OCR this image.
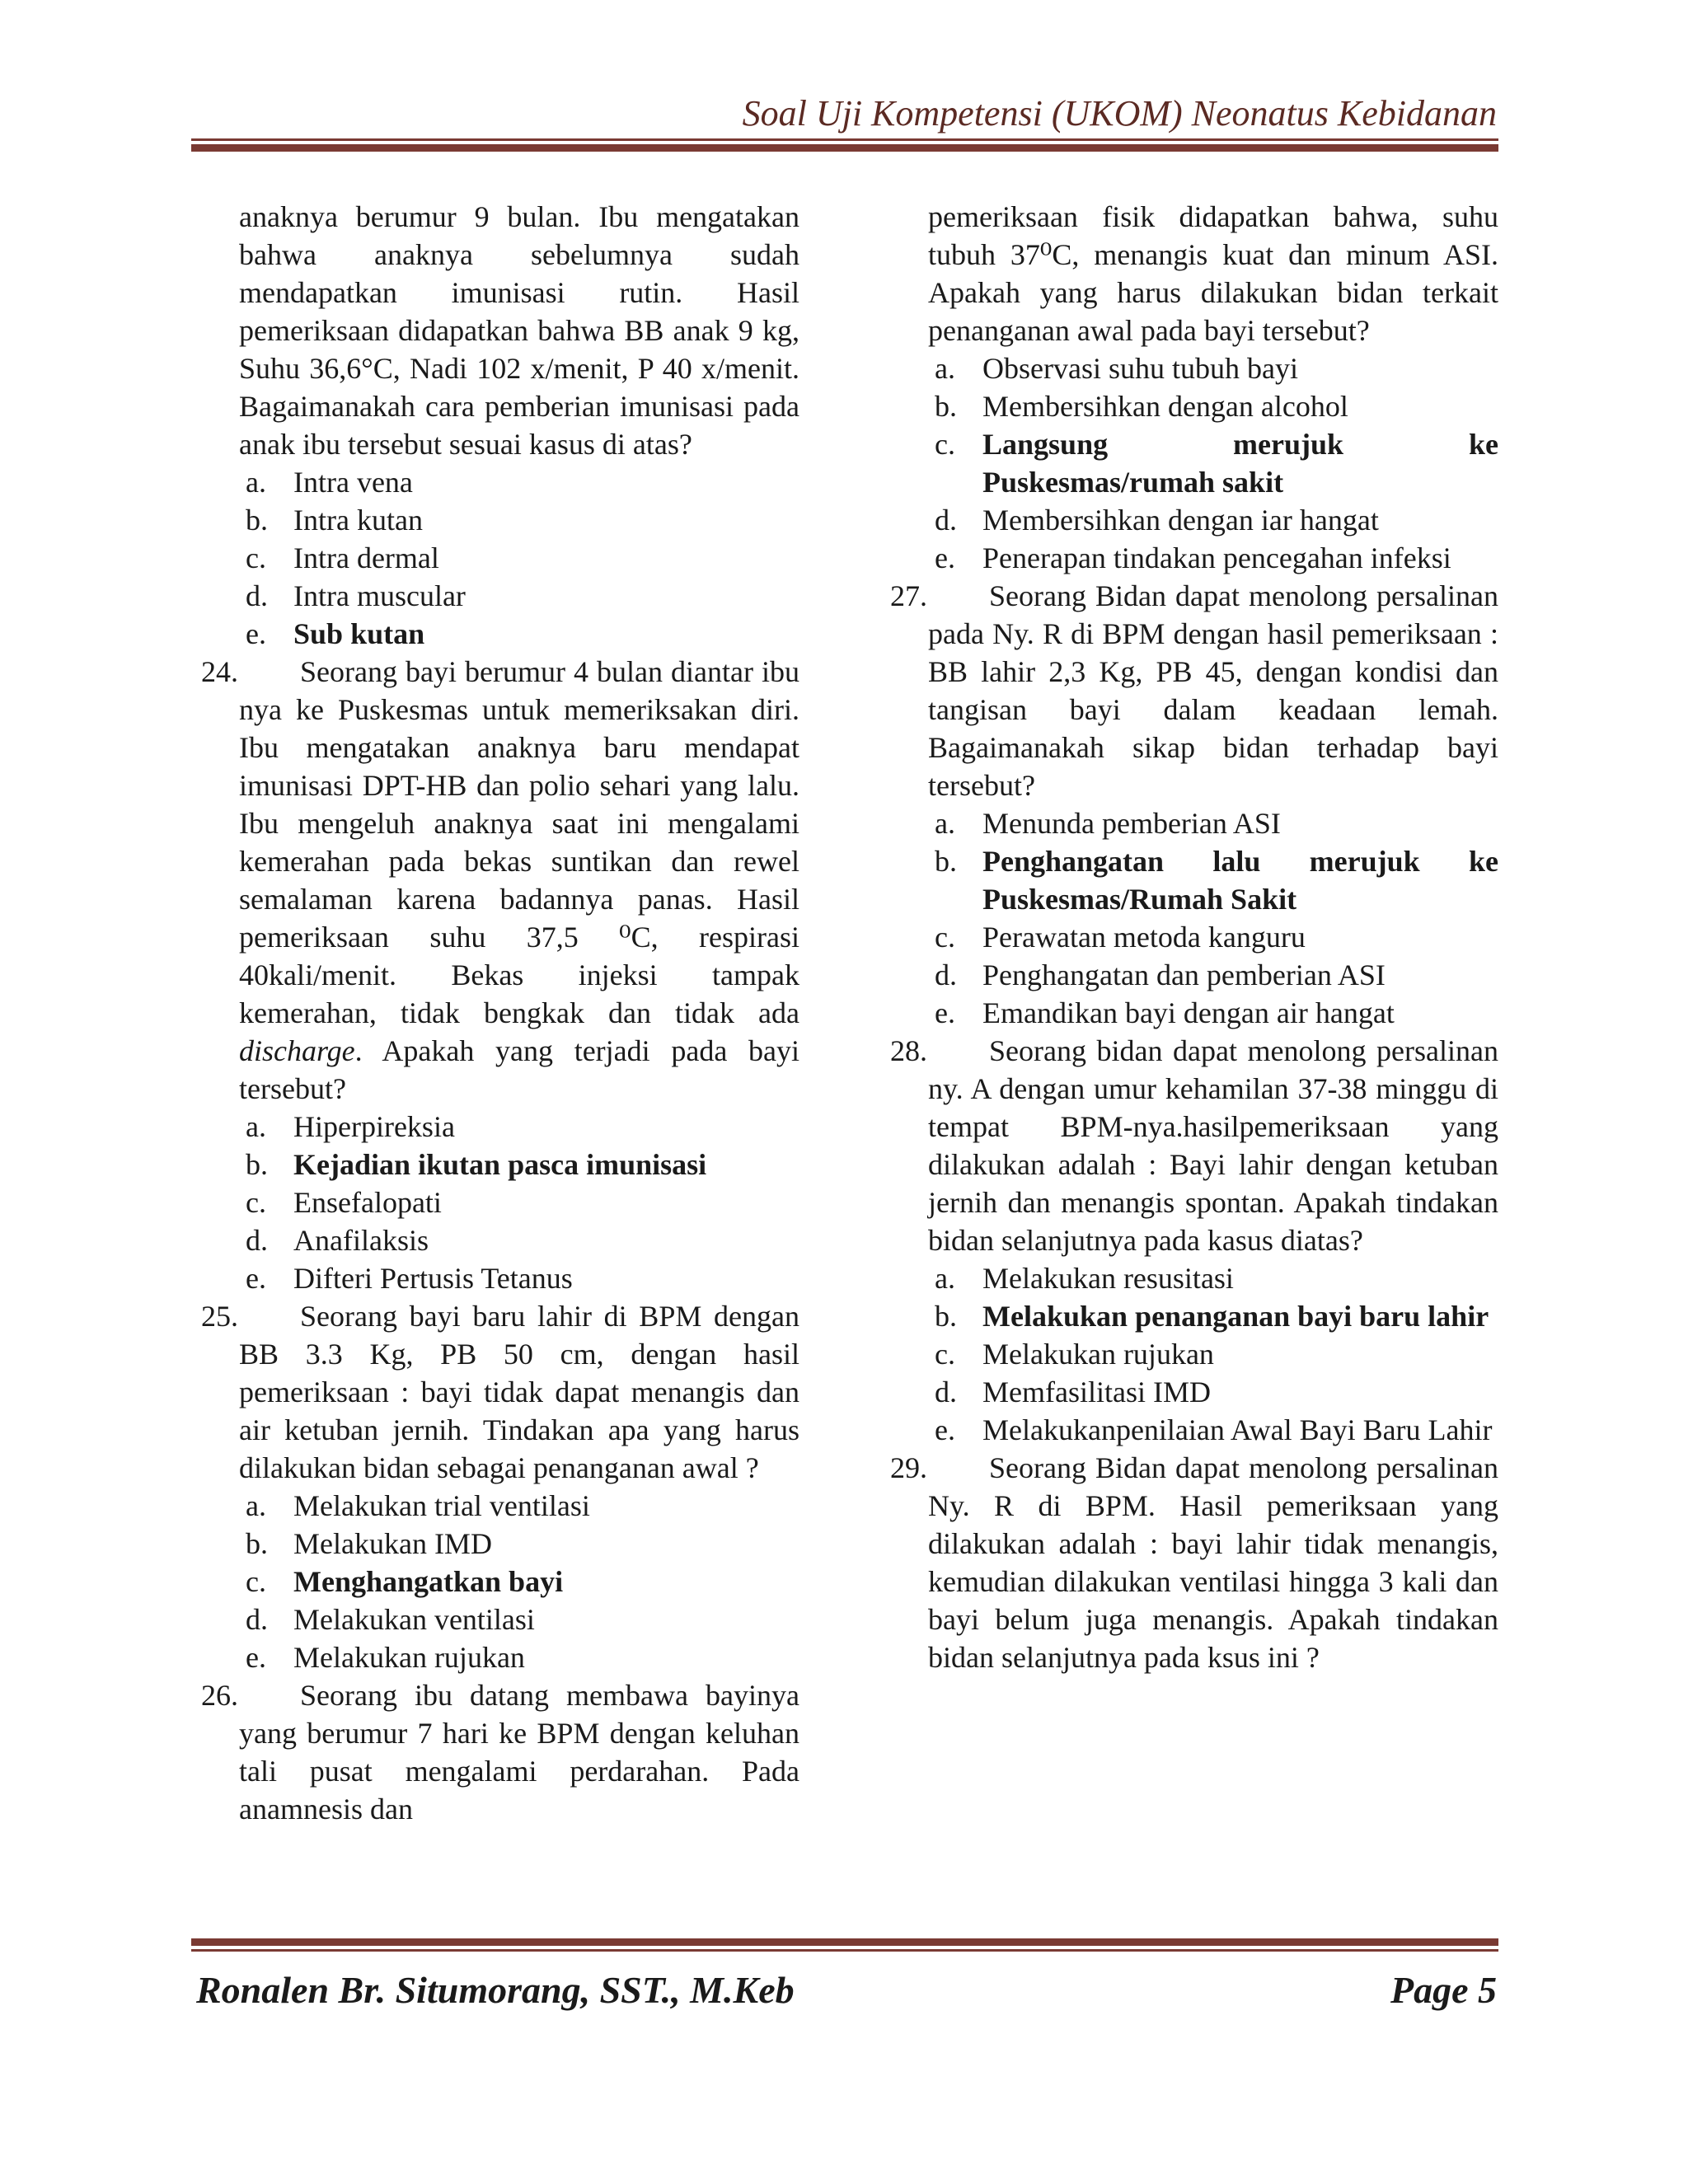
Soal Uji Kompetensi (UKOM) Neonatus Kebidanan
anaknya berumur 9 bulan. Ibu mengatakan bahwa anaknya sebelumnya sudah mendapatkan imunisasi rutin. Hasil pemeriksaan didapatkan bahwa BB anak 9 kg, Suhu 36,6°C, Nadi 102 x/menit, P 40 x/menit. Bagaimanakah cara pemberian imunisasi pada anak ibu tersebut sesuai kasus di atas?
a. Intra vena
b. Intra kutan
c. Intra dermal
d. Intra muscular
e. Sub kutan
24.	Seorang bayi berumur 4 bulan diantar ibu nya ke Puskesmas untuk memeriksakan diri. Ibu mengatakan anaknya baru mendapat imunisasi DPT-HB dan polio sehari yang lalu. Ibu mengeluh anaknya saat ini mengalami kemerahan pada bekas suntikan dan rewel semalaman karena badannya panas. Hasil pemeriksaan suhu 37,5 ⁰C, respirasi 40kali/menit. Bekas injeksi tampak kemerahan, tidak bengkak dan tidak ada discharge. Apakah yang terjadi pada bayi tersebut?
a. Hiperpireksia
b. Kejadian ikutan pasca imunisasi
c. Ensefalopati
d. Anafilaksis
e. Difteri Pertusis Tetanus
25.	Seorang bayi baru lahir di BPM dengan BB 3.3 Kg, PB 50 cm, dengan hasil pemeriksaan : bayi tidak dapat menangis dan air ketuban jernih. Tindakan apa yang harus dilakukan bidan sebagai penanganan awal ?
a. Melakukan trial ventilasi
b. Melakukan IMD
c. Menghangatkan bayi
d. Melakukan ventilasi
e. Melakukan rujukan
26.	Seorang ibu datang membawa bayinya yang berumur 7 hari ke BPM dengan keluhan tali pusat mengalami perdarahan. Pada anamnesis dan
pemeriksaan fisik didapatkan bahwa, suhu tubuh 37⁰C, menangis kuat dan minum ASI. Apakah yang harus dilakukan bidan terkait penanganan awal pada bayi tersebut?
a. Observasi suhu tubuh bayi
b. Membersihkan dengan alcohol
c. Langsung merujuk ke Puskesmas/rumah sakit
d. Membersihkan dengan iar hangat
e. Penerapan tindakan pencegahan infeksi
27.	Seorang Bidan dapat menolong persalinan pada Ny. R di BPM dengan hasil pemeriksaan : BB lahir 2,3 Kg, PB 45, dengan kondisi dan tangisan bayi dalam keadaan lemah. Bagaimanakah sikap bidan terhadap bayi tersebut?
a. Menunda pemberian ASI
b. Penghangatan lalu merujuk ke Puskesmas/Rumah Sakit
c. Perawatan metoda kanguru
d. Penghangatan dan pemberian ASI
e. Emandikan bayi dengan air hangat
28.	Seorang bidan dapat menolong persalinan ny. A dengan umur kehamilan 37-38 minggu di tempat BPM-nya.hasilpemeriksaan yang dilakukan adalah : Bayi lahir dengan ketuban jernih dan menangis spontan. Apakah tindakan bidan selanjutnya pada kasus diatas?
a. Melakukan resusitasi
b. Melakukan penanganan bayi baru lahir
c. Melakukan rujukan
d. Memfasilitasi IMD
e. Melakukanpenilaian Awal Bayi Baru Lahir
29.	Seorang Bidan dapat menolong persalinan Ny. R di BPM. Hasil pemeriksaan yang dilakukan adalah : bayi lahir tidak menangis, kemudian dilakukan ventilasi hingga 3 kali dan bayi belum juga menangis. Apakah tindakan bidan selanjutnya pada ksus ini ?
Ronalen Br. Situmorang, SST., M.Keb	Page 5
